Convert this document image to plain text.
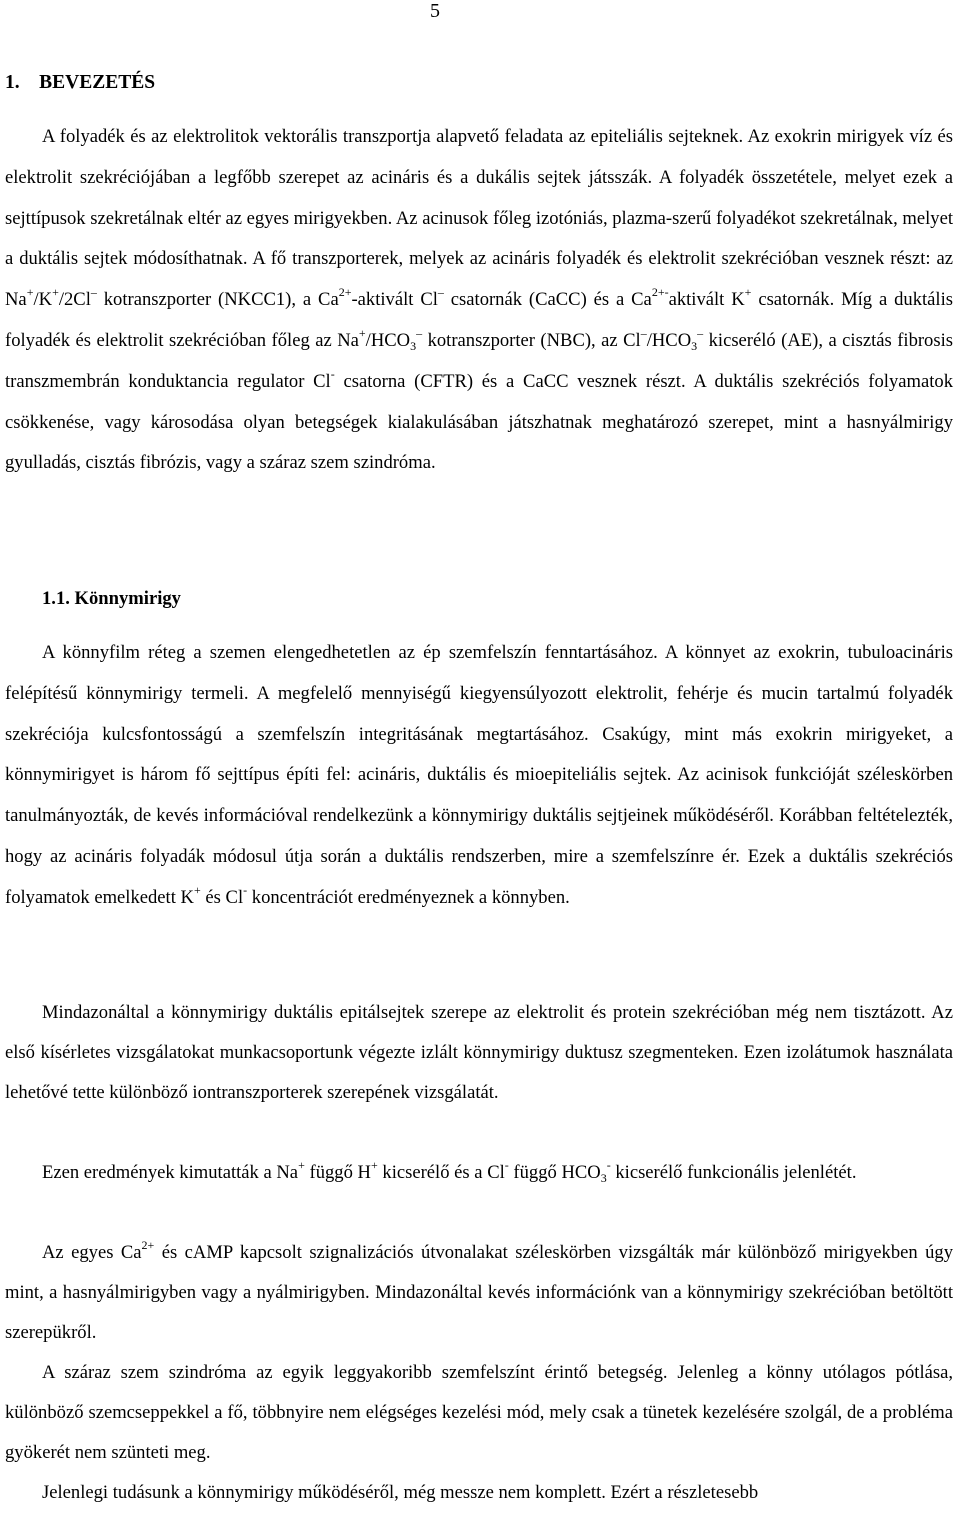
5
1. BEVEZETÉS

A folyadék és az elektrolitok vektorális transzportja alapvető feladata az epiteliális sejteknek. Az exokrin mirigyek víz és elektrolit szekréciójában a legfőbb szerepet az acináris és a dukális sejtek játsszák. A folyadék összetétele, melyet ezek a sejttípusok szekretálnak eltér az egyes mirigyekben. Az acinusok főleg izotóniás, plazma-szerű folyadékot szekretálnak, melyet a duktális sejtek módosíthatnak. A fő transzporterek, melyek az acináris folyadék és elektrolit szekrécióban vesznek részt: az Na+/K+/2Cl– kotranszporter (NKCC1), a $Ca^{2+}$-aktivált Cl– csatornák (CaCC) és a $Ca^{2+-}aktivált$ K+ csatornák. Míg a duktális folyadék és elektrolit szekrécióban főleg az $Na^+/HCO_3^-$ kotranszporter (NBC), az $Cl^-/HCO_3^-$ kicseréló (AE), a cisztás fibrosis transzmembrán konduktancia regulator Cl- csatorna (CFTR) és a CaCC vesznek részt. A duktális szekréciós folyamatok csökkenése, vagy károsodása olyan betegségek kialakulásában játszhatnak meghatározó szerepet, mint a hasnyálmirigy gyulladás, cisztás fibrózis, vagy a száraz szem szindróma.

1.1. Könnymirigy

A könnyfilm réteg a szemen elengedhetetlen az ép szemfelszín fenntartásához. A könnyet az exokrin, tubuloacináris felépítésű könnymirigy termeli. A megfelelő mennyiségű kiegyensúlyozott elektrolit, fehérje és mucin tartalmú folyadék szekréciója kulcsfontosságú a szemfelszín integritásának megtartásához. Csakúgy, mint más exokrin mirigyeket, a könnymirigyet is három fő sejttípus építi fel: acináris, duktális és mioepiteliális sejtek. Az acinisok funkcióját széleskörben tanulmányozták, de kevés információval rendelkezünk a könnymirigy duktális sejtjeinek működéséről. Korábban feltételezték, hogy az acináris folyadák módosul útja során a duktális rendszerben, mire a szemfelszínre ér. Ezek a duktális szekréciós folyamatok emelkedett K+ és Cl- koncentrációt eredményeznek a könnyben.

Mindazonáltal a könnymirigy duktális epitálsejtek szerepe az elektrolit és protein szekrécióban még nem tisztázott. Az első kísérletes vizsgálatokat munkacsoportunk végezte izlált könnymirigy duktusz szegmenteken. Ezen izolátumok használata lehetővé tette különböző iontranszporterek szerepének vizsgálatát.

Ezen eredmények kimutatták a Na+ függő H+ kicserélő és a Cl- függő $HCO_3^-$ kicserélő funkcionális jelenlétét.

Az egyes $Ca^{2+}$ és cAMP kapcsolt szignalizációs útvonalakat széleskörben vizsgálták már különböző mirigyekben úgy mint, a hasnyálmirigyben vagy a nyálmirigyben. Mindazonáltal kevés információnk van a könnymirigy szekrécióban betöltött szerepükről.

A száraz szem szindróma az egyik leggyakoribb szemfelszínt érintő betegség. Jelenleg a könny utólagos pótlása, különböző szemcseppekkel a fő, többnyire nem elégséges kezelési mód, mely csak a tünetek kezelésére szolgál, de a probléma gyökerét nem szünteti meg.

Jelenlegi tudásunk a könnymirigy működéséről, még messze nem komplett. Ezért a részletesebb
